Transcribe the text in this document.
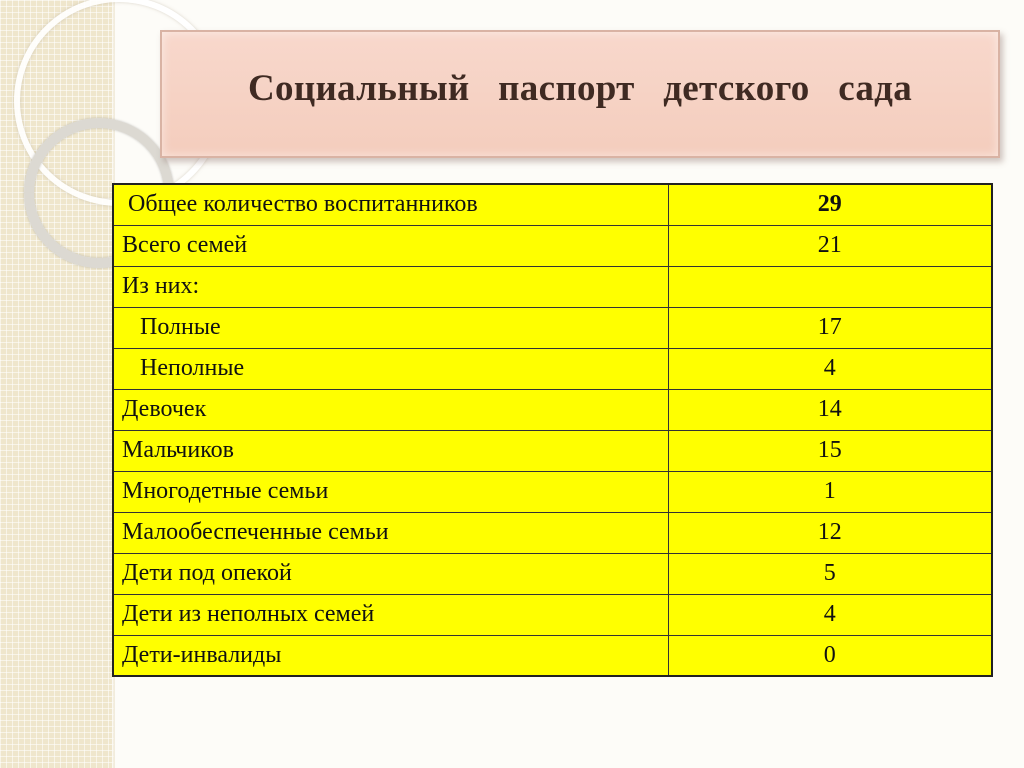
Социальный   паспорт   детского   сада
Общее количество воспитанников	29
Всего семей	21
Из них:	
Полные	17
Неполные	4
Девочек	14
Мальчиков	15
Многодетные семьи	1
Малообеспеченные семьи	12
Дети под опекой	5
Дети из неполных семей	4
Дети-инвалиды	0
